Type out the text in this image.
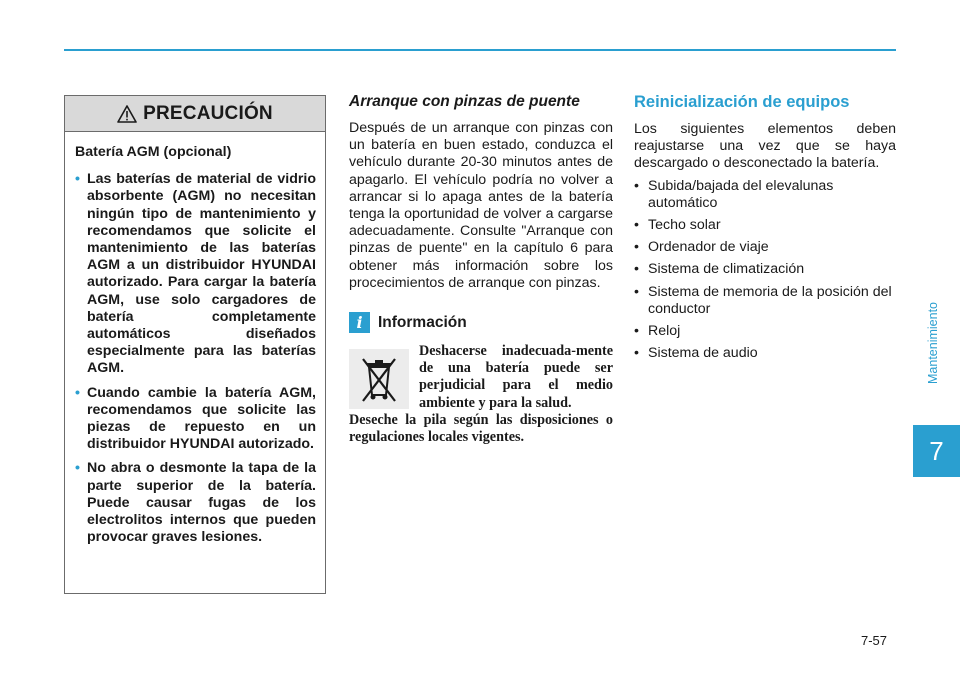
PRECAUCIÓN
Batería AGM (opcional)
• Las baterías de material de vidrio absorbente (AGM) no necesitan ningún tipo de mantenimiento y recomendamos que solicite el mantenimiento de las baterías AGM a un distribuidor HYUNDAI autorizado. Para cargar la batería AGM, use solo cargadores de batería completamente automáticos diseñados especialmente para las baterías AGM.
• Cuando cambie la batería AGM, recomendamos que solicite las piezas de repuesto en un distribuidor HYUNDAI autorizado.
• No abra o desmonte la tapa de la parte superior de la batería. Puede causar fugas de los electrolitos internos que pueden provocar graves lesiones.
Arranque con pinzas de puente

Después de un arranque con pinzas con un batería en buen estado, conduzca el vehículo durante 20-30 minutos antes de apagarlo. El vehículo podría no volver a arrancar si lo apaga antes de la batería tenga la oportunidad de volver a cargarse adecuadamente. Consulte "Arranque con pinzas de puente" en la capítulo 6 para obtener más información sobre los procecimientos de arranque con pinzas.

i Información
Deshacerse inadecuada-mente de una batería puede ser perjudicial para el medio ambiente y para la salud.
Deseche la pila según las disposiciones o regulaciones locales vigentes.
Reinicialización de equipos

Los siguientes elementos deben reajustarse una vez que se haya descargado o desconectado la batería.

• Subida/bajada del elevalunas automático
• Techo solar
• Ordenador de viaje
• Sistema de climatización
• Sistema de memoria de la posición del conductor
• Reloj
• Sistema de audio	Mantenimiento
7
7-57
